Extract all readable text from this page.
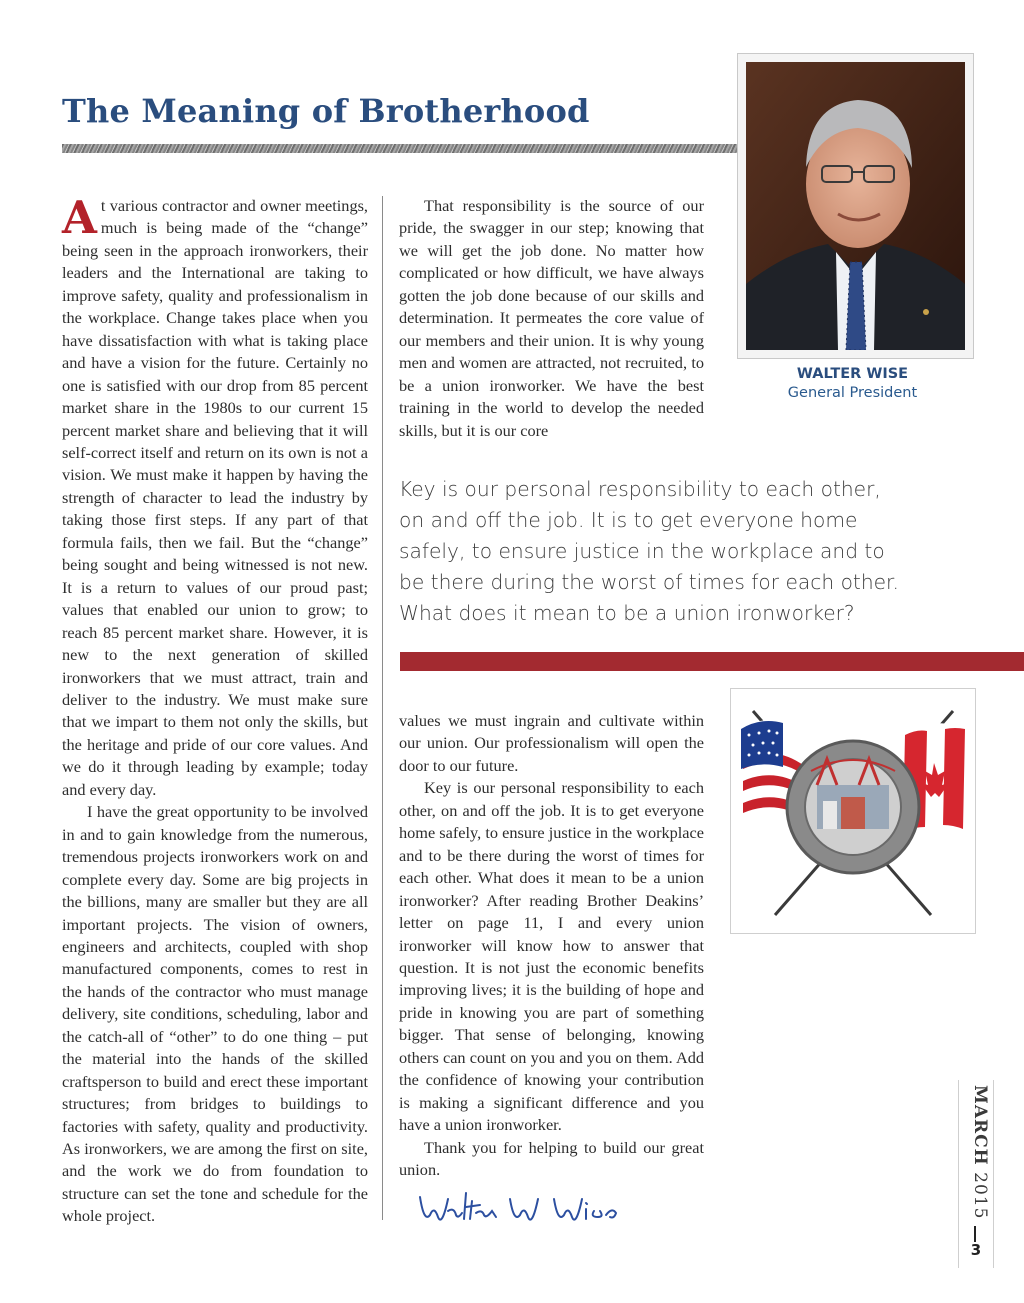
The Meaning of Brotherhood
WALTER WISE
General President

At various contractor and owner meetings, much is being made of the “change” being seen in the approach ironworkers, their leaders and the International are taking to improve safety, quality and professionalism in the workplace. Change takes place when you have dissatisfaction with what is taking place and have a vision for the future. Certainly no one is satisfied with our drop from 85 percent market share in the 1980s to our current 15 percent market share and believing that it will self-correct itself and return on its own is not a vision. We must make it happen by having the strength of character to lead the industry by taking those first steps. If any part of that formula fails, then we fail. But the “change” being sought and being witnessed is not new. It is a return to values of our proud past; values that enabled our union to grow; to reach 85 percent market share. However, it is new to the next generation of skilled ironworkers that we must attract, train and deliver to the industry. We must make sure that we impart to them not only the skills, but the heritage and pride of our core values. And we do it through leading by example; today and every day.

I have the great opportunity to be involved in and to gain knowledge from the numerous, tremendous projects ironworkers work on and complete every day. Some are big projects in the billions, many are smaller but they are all important projects. The vision of owners, engineers and architects, coupled with shop manufactured components, comes to rest in the hands of the contractor who must manage delivery, site conditions, scheduling, labor and the catch-all of “other” to do one thing – put the material into the hands of the skilled craftsperson to build and erect these important structures; from bridges to buildings to factories with safety, quality and productivity. As ironworkers, we are among the first on site, and the work we do from foundation to structure can set the tone and schedule for the whole project.

That responsibility is the source of our pride, the swagger in our step; knowing that we will get the job done. No matter how complicated or how difficult, we have always gotten the job done because of our skills and determination. It permeates the core value of our members and their union. It is why young men and women are attracted, not recruited, to be a union ironworker. We have the best training in the world to develop the needed skills, but it is our core

Key is our personal responsibility to each other,
on and off the job. It is to get everyone home
safely, to ensure justice in the workplace and to
be there during the worst of times for each other.
What does it mean to be a union ironworker?

values we must ingrain and cultivate within our union. Our professionalism will open the door to our future.

Key is our personal responsibility to each other, on and off the job. It is to get everyone home safely, to ensure justice in the workplace and to be there during the worst of times for each other. What does it mean to be a union ironworker? After reading Brother Deakins’ letter on page 11, I and every union ironworker will know how to answer that question. It is not just the economic benefits improving lives; it is the building of hope and pride in knowing you are part of something bigger. That sense of belonging, knowing others can count on you and you on them. Add the confidence of knowing your contribution is making a significant difference and you have a union ironworker.

Thank you for helping to build our great union.

MARCH 2015
3
